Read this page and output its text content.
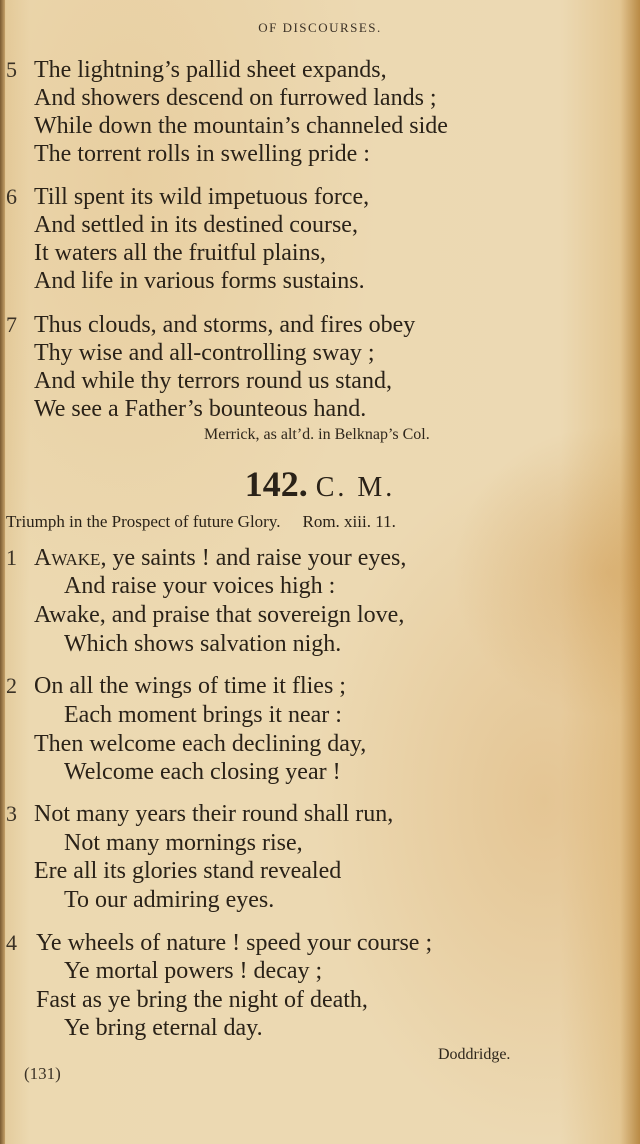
OF DISCOURSES.
5 The lightning’s pallid sheet expands,
And showers descend on furrowed lands ;
While down the mountain’s channeled side
The torrent rolls in swelling pride :
6 Till spent its wild impetuous force,
And settled in its destined course,
It waters all the fruitful plains,
And life in various forms sustains.
7 Thus clouds, and storms, and fires obey
Thy wise and all-controlling sway ;
And while thy terrors round us stand,
We see a Father’s bounteous hand.
Merrick, as alt’d. in Belknap’s Col.
142. C. M.
Triumph in the Prospect of future Glory. Rom. xiii. 11.
1 Awake, ye saints ! and raise your eyes,
And raise your voices high :
Awake, and praise that sovereign love,
Which shows salvation nigh.
2 On all the wings of time it flies ;
Each moment brings it near :
Then welcome each declining day,
Welcome each closing year !
3 Not many years their round shall run,
Not many mornings rise,
Ere all its glories stand revealed
To our admiring eyes.
4 Ye wheels of nature ! speed your course ;
Ye mortal powers ! decay ;
Fast as ye bring the night of death,
Ye bring eternal day.
Doddridge.
(131)
